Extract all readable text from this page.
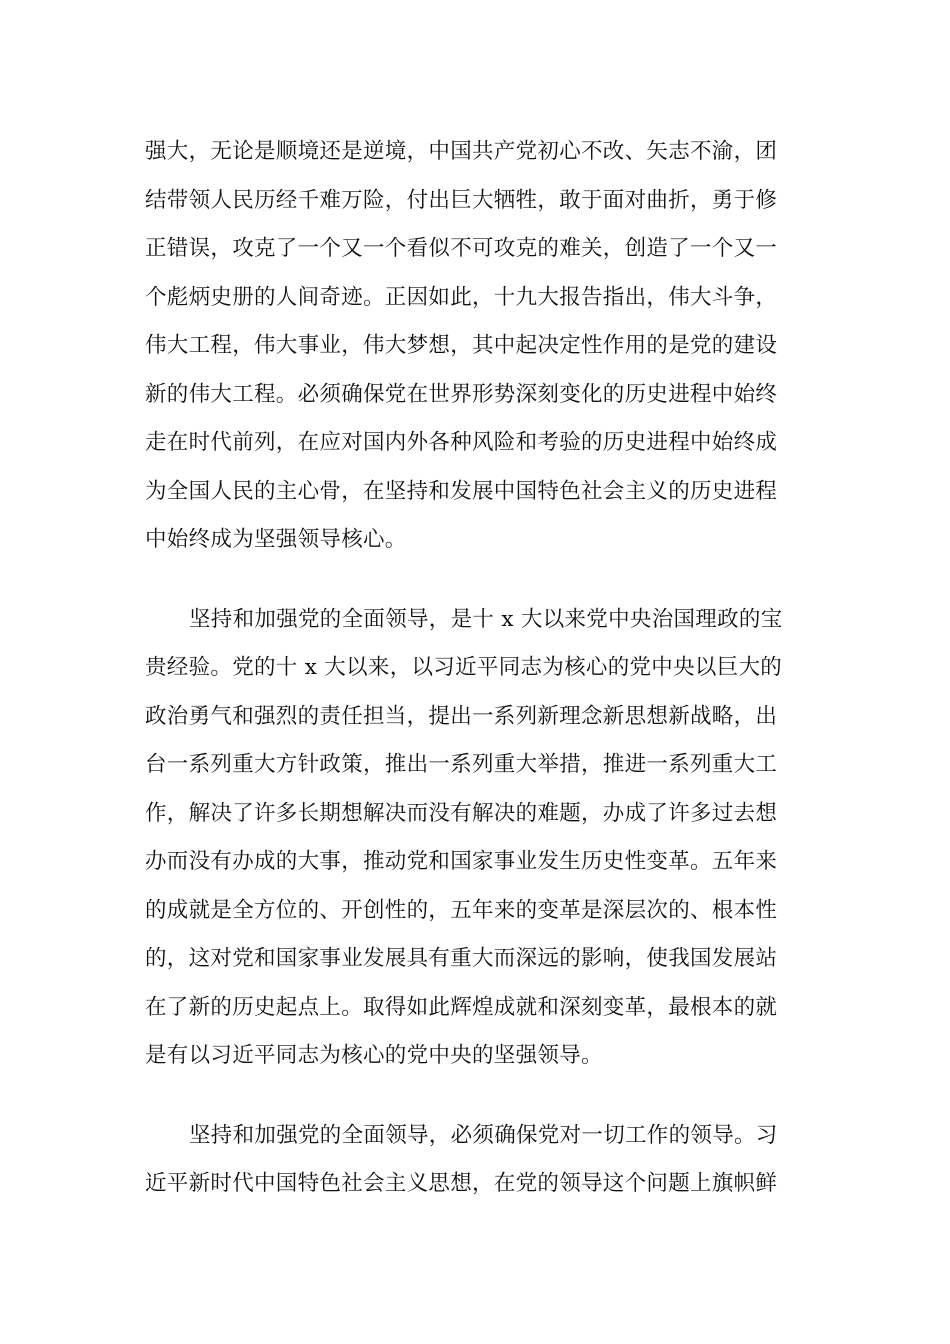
强大，无论是顺境还是逆境，中国共产党初心不改、矢志不渝，团
结带领人民历经千难万险，付出巨大牺牲，敢于面对曲折，勇于修
正错误，攻克了一个又一个看似不可攻克的难关，创造了一个又一
个彪炳史册的人间奇迹。正因如此，十九大报告指出，伟大斗争，
伟大工程，伟大事业，伟大梦想，其中起决定性作用的是党的建设
新的伟大工程。必须确保党在世界形势深刻变化的历史进程中始终
走在时代前列，在应对国内外各种风险和考验的历史进程中始终成
为全国人民的主心骨，在坚持和发展中国特色社会主义的历史进程
中始终成为坚强领导核心。
坚持和加强党的全面领导，是十 x 大以来党中央治国理政的宝
贵经验。党的十 x 大以来，以习近平同志为核心的党中央以巨大的
政治勇气和强烈的责任担当，提出一系列新理念新思想新战略，出
台一系列重大方针政策，推出一系列重大举措，推进一系列重大工
作，解决了许多长期想解决而没有解决的难题，办成了许多过去想
办而没有办成的大事，推动党和国家事业发生历史性变革。五年来
的成就是全方位的、开创性的，五年来的变革是深层次的、根本性
的，这对党和国家事业发展具有重大而深远的影响，使我国发展站
在了新的历史起点上。取得如此辉煌成就和深刻变革，最根本的就
是有以习近平同志为核心的党中央的坚强领导。
坚持和加强党的全面领导，必须确保党对一切工作的领导。习
近平新时代中国特色社会主义思想，在党的领导这个问题上旗帜鲜
